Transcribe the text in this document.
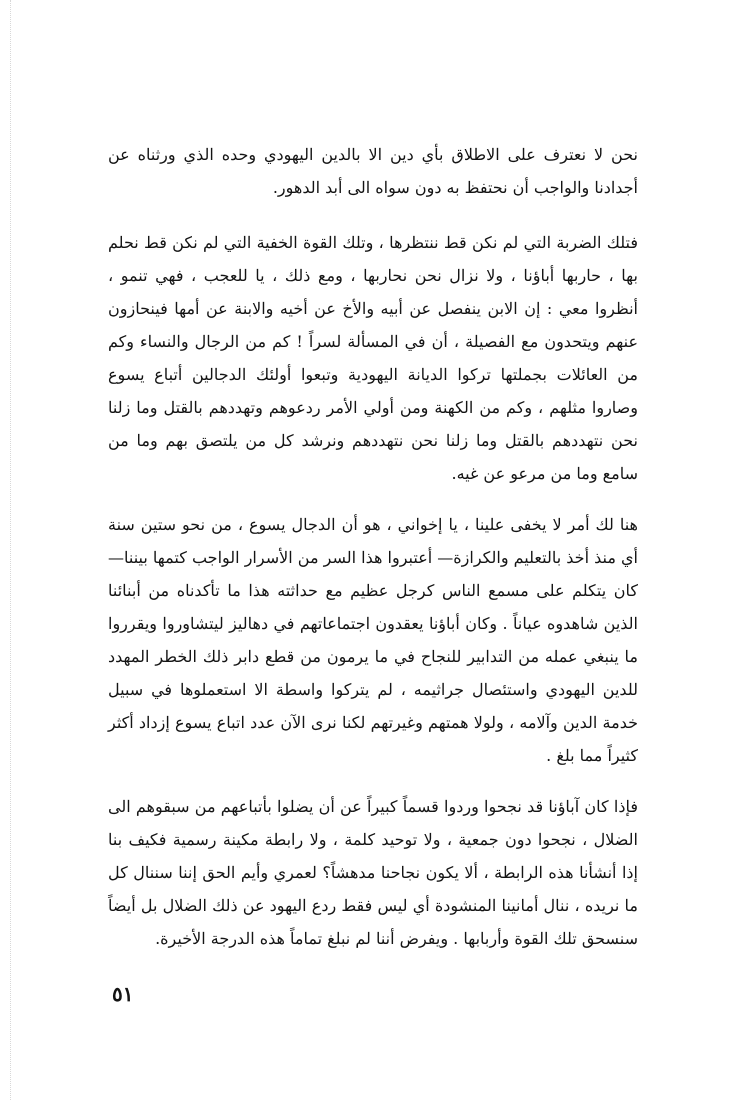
نحن لا نعترف على الاطلاق بأي دين الا بالدين اليهودي وحده الذي ورثناه عن أجدادنا والواجب أن نحتفظ به دون سواه الى أبد الدهور.

فتلك الضربة التي لم نكن قط ننتظرها ، وتلك القوة الخفية التي لم نكن قط نحلم بها ، حاربها أباؤنا ، ولا نزال نحن نحاربها ، ومع ذلك ، يا للعجب ، فهي تنمو ، أنظروا معي : إن الابن ينفصل عن أبيه والأخ عن أخيه والابنة عن أمها فينحازون عنهم ويتحدون مع الفصيلة ، أن في المسألة لسراً ! كم من الرجال والنساء وكم من العائلات بجملتها تركوا الديانة اليهودية وتبعوا أولئك الدجالين أتباع يسوع وصاروا مثلهم ، وكم من الكهنة ومن أولي الأمر ردعوهم وتهددهم بالقتل وما زلنا نحن نتهددهم بالقتل وما زلنا نحن نتهددهم ونرشد كل من يلتصق بهم وما من سامع وما من مرعو عن غيه.

هنا لك أمر لا يخفى علينا ، يا إخواني ، هو أن الدجال يسوع ، من نحو ستين سنة أي منذ أخذ بالتعليم والكرازة— أعتبروا هذا السر من الأسرار الواجب كتمها بيننا— كان يتكلم على مسمع الناس كرجل عظيم مع حداثته هذا ما تأكدناه من أبنائنا الذين شاهدوه عياناً . وكان أباؤنا يعقدون اجتماعاتهم في دهاليز ليتشاوروا ويقرروا ما ينبغي عمله من التدابير للنجاح في ما يرمون من قطع دابر ذلك الخطر المهدد للدين اليهودي واستئصال جراثيمه ، لم يتركوا واسطة الا استعملوها في سبيل خدمة الدين وآلامه ، ولولا همتهم وغيرتهم لكنا نرى الآن عدد اتباع يسوع إزداد أكثر كثيراً مما بلغ .

فإذا كان آباؤنا قد نجحوا وردوا قسماً كبيراً عن أن يضلوا بأتباعهم من سبقوهم الى الضلال ، نجحوا دون جمعية ، ولا توحيد كلمة ، ولا رابطة مكينة رسمية فكيف بنا إذا أنشأنا هذه الرابطة ، ألا يكون نجاحنا مدهشاً؟ لعمري وأيم الحق إننا سننال كل ما نريده ، ننال أمانينا المنشودة أي ليس فقط ردع اليهود عن ذلك الضلال بل أيضاً سنسحق تلك القوة وأربابها . ويفرض أننا لم نبلغ تماماً هذه الدرجة الأخيرة.

٥١
